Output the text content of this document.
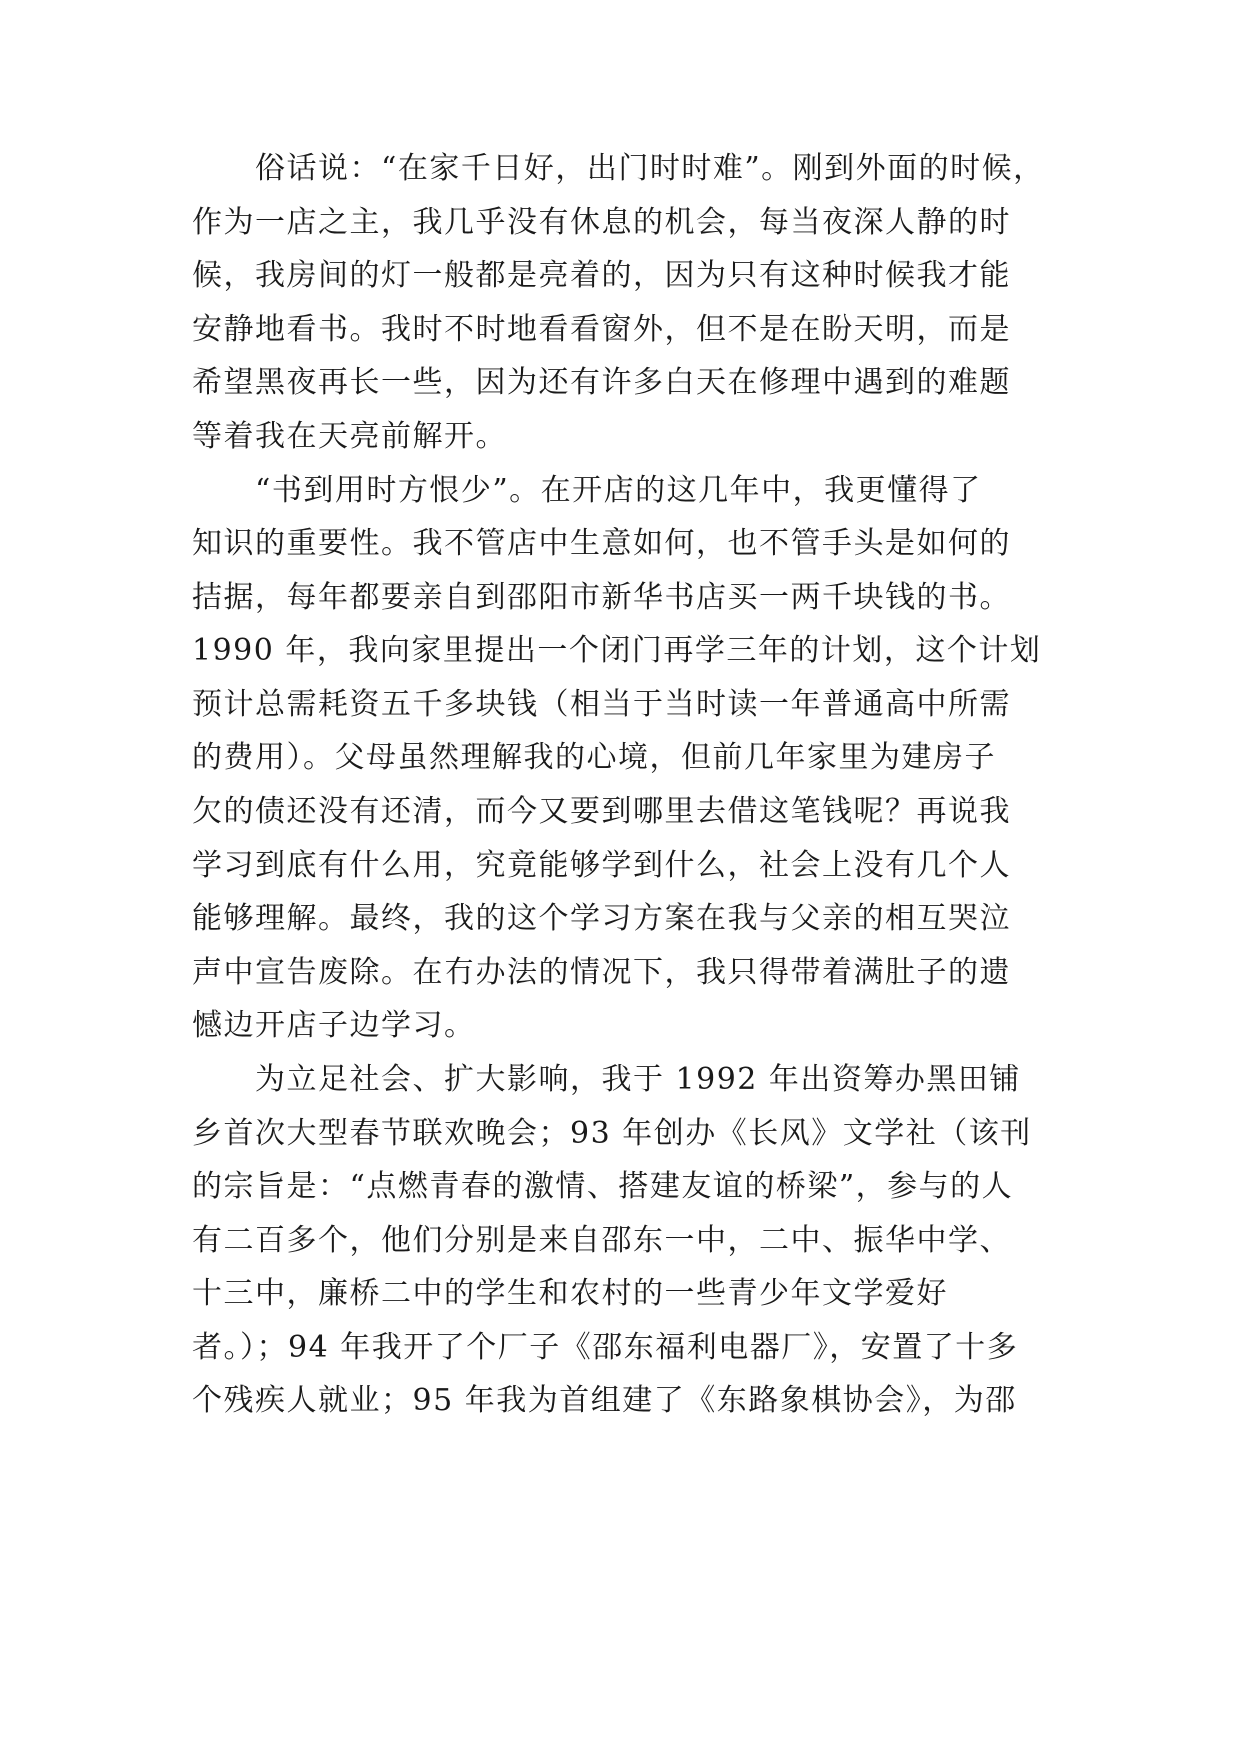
俗话说：“在家千日好，出门时时难”。刚到外面的时候，
作为一店之主，我几乎没有休息的机会，每当夜深人静的时
候，我房间的灯一般都是亮着的，因为只有这种时候我才能
安静地看书。我时不时地看看窗外，但不是在盼天明，而是
希望黑夜再长一些，因为还有许多白天在修理中遇到的难题
等着我在天亮前解开。
“书到用时方恨少”。在开店的这几年中，我更懂得了
知识的重要性。我不管店中生意如何，也不管手头是如何的
拮据，每年都要亲自到邵阳市新华书店买一两千块钱的书。
1990 年，我向家里提出一个闭门再学三年的计划，这个计划
预计总需耗资五千多块钱（相当于当时读一年普通高中所需
的费用）。父母虽然理解我的心境，但前几年家里为建房子
欠的债还没有还清，而今又要到哪里去借这笔钱呢？再说我
学习到底有什么用，究竟能够学到什么，社会上没有几个人
能够理解。最终，我的这个学习方案在我与父亲的相互哭泣
声中宣告废除。在冇办法的情况下，我只得带着满肚子的遗
憾边开店子边学习。
为立足社会、扩大影响，我于 1992 年出资筹办黑田铺
乡首次大型春节联欢晚会；93 年创办《长风》文学社（该刊
的宗旨是：“点燃青春的激情、搭建友谊的桥梁”，参与的人
有二百多个，他们分别是来自邵东一中，二中、振华中学、
十三中，廉桥二中的学生和农村的一些青少年文学爱好
者。）；94 年我开了个厂子《邵东福利电器厂》，安置了十多
个残疾人就业；95 年我为首组建了《东路象棋协会》，为邵
